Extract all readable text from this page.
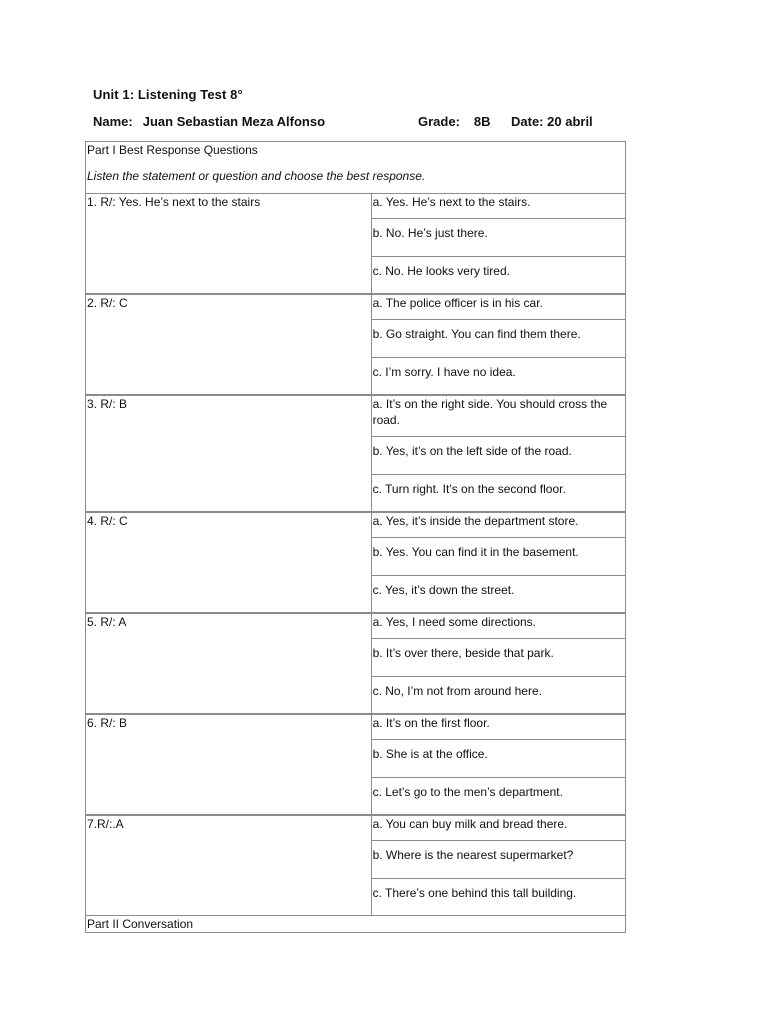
Unit 1: Listening Test 8°
Name: Juan Sebastian Meza Alfonso	Grade: 8B Date: 20 abril
Part I Best Response Questions
Listen the statement or question and choose the best response.	

1. R/: Yes. He’s next to the stairs	a. Yes. He’s next to the stairs.
	b. No. He’s just there.
	c. No. He looks very tired.
2. R/: C	a. The police officer is in his car.
	b. Go straight. You can find them there.
	c. I’m sorry. I have no idea.
3. R/: B	a. It’s on the right side. You should cross the road.
	b. Yes, it’s on the left side of the road.
	c. Turn right. It’s on the second floor.
4. R/: C	a. Yes, it’s inside the department store.
	b. Yes. You can find it in the basement.
	c. Yes, it’s down the street.
5. R/: A	a. Yes, I need some directions.
	b. It’s over there, beside that park.
	c. No, I’m not from around here.
6. R/: B	a. It’s on the first floor.
	b. She is at the office.
	c. Let’s go to the men’s department.
7.R/:.A	a. You can buy milk and bread there.
	b. Where is the nearest supermarket?
	c. There’s one behind this tall building.
Part II Conversation	
